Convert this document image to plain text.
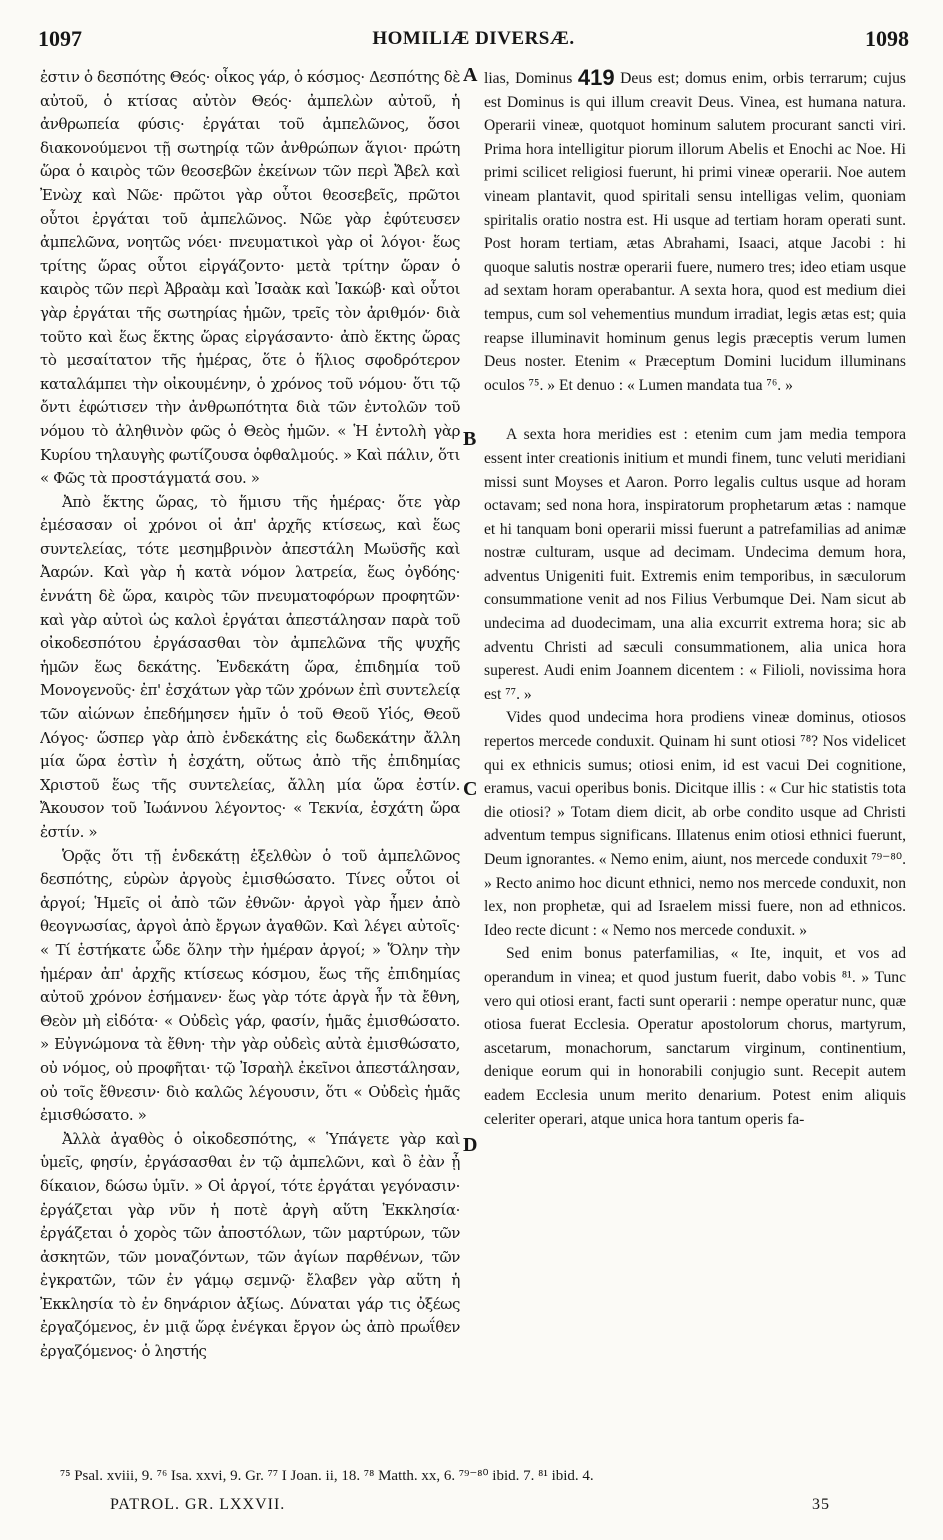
1097	HOMILIÆ DIVERSÆ.	1098

ἐστιν ὁ δεσπότης Θεός· οἶκος γάρ, ὁ κόσμος· Δεσπότης δὲ αὐτοῦ, ὁ κτίσας αὐτὸν Θεός· ἀμπελὼν αὐτοῦ, ἡ ἀνθρωπεία φύσις· ἐργάται τοῦ ἀμπελῶνος, ὅσοι διακονούμενοι τῇ σωτηρίᾳ τῶν ἀνθρώπων ἅγιοι· πρώτη ὥρα ὁ καιρὸς τῶν θεοσεβῶν ἐκείνων τῶν περὶ Ἄβελ καὶ Ἐνὼχ καὶ Νῶε· πρῶτοι γὰρ οὗτοι θεοσεβεῖς, πρῶτοι οὗτοι ἐργάται τοῦ ἀμπελῶνος. Νῶε γὰρ ἐφύτευσεν ἀμπελῶνα, νοητῶς νόει· πνευματικοὶ γὰρ οἱ λόγοι· ἕως τρίτης ὥρας οὗτοι εἰργάζοντο· μετὰ τρίτην ὥραν ὁ καιρὸς τῶν περὶ Ἀβραὰμ καὶ Ἰσαὰκ καὶ Ἰακώβ· καὶ οὗτοι γὰρ ἐργάται τῆς σωτηρίας ἡμῶν, τρεῖς τὸν ἀριθμόν· διὰ τοῦτο καὶ ἕως ἕκτης ὥρας εἰργάσαντο· ἀπὸ ἕκτης ὥρας τὸ μεσαίτατον τῆς ἡμέρας, ὅτε ὁ ἥλιος σφοδρότερον καταλάμπει τὴν οἰκουμένην, ὁ χρόνος τοῦ νόμου· ὅτι τῷ ὄντι ἐφώτισεν τὴν ἀνθρωπότητα διὰ τῶν ἐντολῶν τοῦ νόμου τὸ ἀληθινὸν φῶς ὁ Θεὸς ἡμῶν. « Ἡ ἐντολὴ γὰρ Κυρίου τηλαυγὴς φωτίζουσα ὀφθαλμούς. » Καὶ πάλιν, ὅτι « Φῶς τὰ προστάγματά σου. »

Ἀπὸ ἕκτης ὥρας, τὸ ἥμισυ τῆς ἡμέρας· ὅτε γὰρ ἐμέσασαν οἱ χρόνοι οἱ ἀπ' ἀρχῆς κτίσεως, καὶ ἕως συντελείας, τότε μεσημβρινὸν ἀπεστάλη Μωϋσῆς καὶ Ἀαρών. Καὶ γὰρ ἡ κατὰ νόμον λατρεία, ἕως ὀγδόης· ἐννάτη δὲ ὥρα, καιρὸς τῶν πνευματοφόρων προφητῶν· καὶ γὰρ αὐτοὶ ὡς καλοὶ ἐργάται ἀπεστάλησαν παρὰ τοῦ οἰκοδεσπότου ἐργάσασθαι τὸν ἀμπελῶνα τῆς ψυχῆς ἡμῶν ἕως δεκάτης. Ἑνδεκάτη ὥρα, ἐπιδημία τοῦ Μονογενοῦς· ἐπ' ἐσχάτων γὰρ τῶν χρόνων ἐπὶ συντελείᾳ τῶν αἰώνων ἐπεδήμησεν ἡμῖν ὁ τοῦ Θεοῦ Υἱός, Θεοῦ Λόγος· ὥσπερ γὰρ ἀπὸ ἑνδεκάτης εἰς δωδεκάτην ἄλλη μία ὥρα ἐστὶν ἡ ἐσχάτη, οὕτως ἀπὸ τῆς ἐπιδημίας Χριστοῦ ἕως τῆς συντελείας, ἄλλη μία ὥρα ἐστίν. Ἄκουσον τοῦ Ἰωάννου λέγοντος· « Τεκνία, ἐσχάτη ὥρα ἐστίν. »

Ὁρᾷς ὅτι τῇ ἑνδεκάτῃ ἐξελθὼν ὁ τοῦ ἀμπελῶνος δεσπότης, εὑρὼν ἀργοὺς ἐμισθώσατο. Τίνες οὗτοι οἱ ἀργοί; Ἡμεῖς οἱ ἀπὸ τῶν ἐθνῶν· ἀργοὶ γὰρ ἦμεν ἀπὸ θεογνωσίας, ἀργοὶ ἀπὸ ἔργων ἀγαθῶν. Καὶ λέγει αὐτοῖς· « Τί ἑστήκατε ὧδε ὅλην τὴν ἡμέραν ἀργοί; » Ὅλην τὴν ἡμέραν ἀπ' ἀρχῆς κτίσεως κόσμου, ἕως τῆς ἐπιδημίας αὐτοῦ χρόνον ἐσήμανεν· ἕως γὰρ τότε ἀργὰ ἦν τὰ ἔθνη, Θεὸν μὴ εἰδότα· « Οὐδεὶς γάρ, φασίν, ἡμᾶς ἐμισθώσατο. » Εὐγνώμονα τὰ ἔθνη· τὴν γὰρ οὐδεὶς αὐτὰ ἐμισθώσατο, οὐ νόμος, οὐ προφῆται· τῷ Ἰσραὴλ ἐκεῖνοι ἀπεστάλησαν, οὐ τοῖς ἔθνεσιν· διὸ καλῶς λέγουσιν, ὅτι « Οὐδεὶς ἡμᾶς ἐμισθώσατο. »

Ἀλλὰ ἀγαθὸς ὁ οἰκοδεσπότης, « Ὑπάγετε γὰρ καὶ ὑμεῖς, φησίν, ἐργάσασθαι ἐν τῷ ἀμπελῶνι, καὶ ὃ ἐὰν ᾖ δίκαιον, δώσω ὑμῖν. » Οἱ ἀργοί, τότε ἐργάται γεγόνασιν· ἐργάζεται γὰρ νῦν ἡ ποτὲ ἀργὴ αὕτη Ἐκκλησία· ἐργάζεται ὁ χορὸς τῶν ἀποστόλων, τῶν μαρτύρων, τῶν ἀσκητῶν, τῶν μοναζόντων, τῶν ἁγίων παρθένων, τῶν ἐγκρατῶν, τῶν ἐν γάμῳ σεμνῷ· ἔλαβεν γὰρ αὕτη ἡ Ἐκκλησία τὸ ἐν δηνάριον ἀξίως. Δύναται γάρ τις ὀξέως ἐργαζόμενος, ἐν μιᾷ ὥρᾳ ἐνέγκαι ἔργον ὡς ἀπὸ πρωΐθεν ἐργαζόμενος· ὁ ληστής

A
B
C
D

lias, Dominus 419 Deus est; domus enim, orbis terrarum; cujus est Dominus is qui illum creavit Deus. Vinea, est humana natura. Operarii vineæ, quotquot hominum salutem procurant sancti viri. Prima hora intelligitur piorum illorum Abelis et Enochi ac Noe. Hi primi scilicet religiosi fuerunt, hi primi vineæ operarii. Noe autem vineam plantavit, quod spiritali sensu intelligas velim, quoniam spiritalis oratio nostra est. Hi usque ad tertiam horam operati sunt. Post horam tertiam, ætas Abrahami, Isaaci, atque Jacobi : hi quoque salutis nostræ operarii fuere, numero tres; ideo etiam usque ad sextam horam operabantur. A sexta hora, quod est medium diei tempus, cum sol vehementius mundum irradiat, legis ætas est; quia reapse illuminavit hominum genus legis præceptis verum lumen Deus noster. Etenim « Præceptum Domini lucidum illuminans oculos ⁷⁵. » Et denuo : « Lumen mandata tua ⁷⁶. »

A sexta hora meridies est : etenim cum jam media tempora essent inter creationis initium et mundi finem, tunc veluti meridiani missi sunt Moyses et Aaron. Porro legalis cultus usque ad horam octavam; sed nona hora, inspiratorum prophetarum ætas : namque et hi tanquam boni operarii missi fuerunt a patrefamilias ad animæ nostræ culturam, usque ad decimam. Undecima demum hora, adventus Unigeniti fuit. Extremis enim temporibus, in sæculorum consummatione venit ad nos Filius Verbumque Dei. Nam sicut ab undecima ad duodecimam, una alia excurrit extrema hora; sic ab adventu Christi ad sæculi consummationem, alia unica hora superest. Audi enim Joannem dicentem : « Filioli, novissima hora est ⁷⁷. »

Vides quod undecima hora prodiens vineæ dominus, otiosos repertos mercede conduxit. Quinam hi sunt otiosi ⁷⁸? Nos videlicet qui ex ethnicis sumus; otiosi enim, id est vacui Dei cognitione, eramus, vacui operibus bonis. Dicitque illis : « Cur hic statistis tota die otiosi? » Totam diem dicit, ab orbe condito usque ad Christi adventum tempus significans. Illatenus enim otiosi ethnici fuerunt, Deum ignorantes. « Nemo enim, aiunt, nos mercede conduxit ⁷⁹⁻⁸⁰. » Recto animo hoc dicunt ethnici, nemo nos mercede conduxit, non lex, non prophetæ, qui ad Israelem missi fuere, non ad ethnicos. Ideo recte dicunt : « Nemo nos mercede conduxit. »

Sed enim bonus paterfamilias, « Ite, inquit, et vos ad operandum in vinea; et quod justum fuerit, dabo vobis ⁸¹. » Tunc vero qui otiosi erant, facti sunt operarii : nempe operatur nunc, quæ otiosa fuerat Ecclesia. Operatur apostolorum chorus, martyrum, ascetarum, monachorum, sanctarum virginum, continentium, denique eorum qui in honorabili conjugio sunt. Recepit autem eadem Ecclesia unum merito denarium. Potest enim aliquis celeriter operari, atque unica hora tantum operis fa-

⁷⁵ Psal. xviii, 9. ⁷⁶ Isa. xxvi, 9. Gr. ⁷⁷ I Joan. ii, 18. ⁷⁸ Matth. xx, 6. ⁷⁹⁻⁸⁰ ibid. 7. ⁸¹ ibid. 4.
PATROL. GR. LXXVII.	35
